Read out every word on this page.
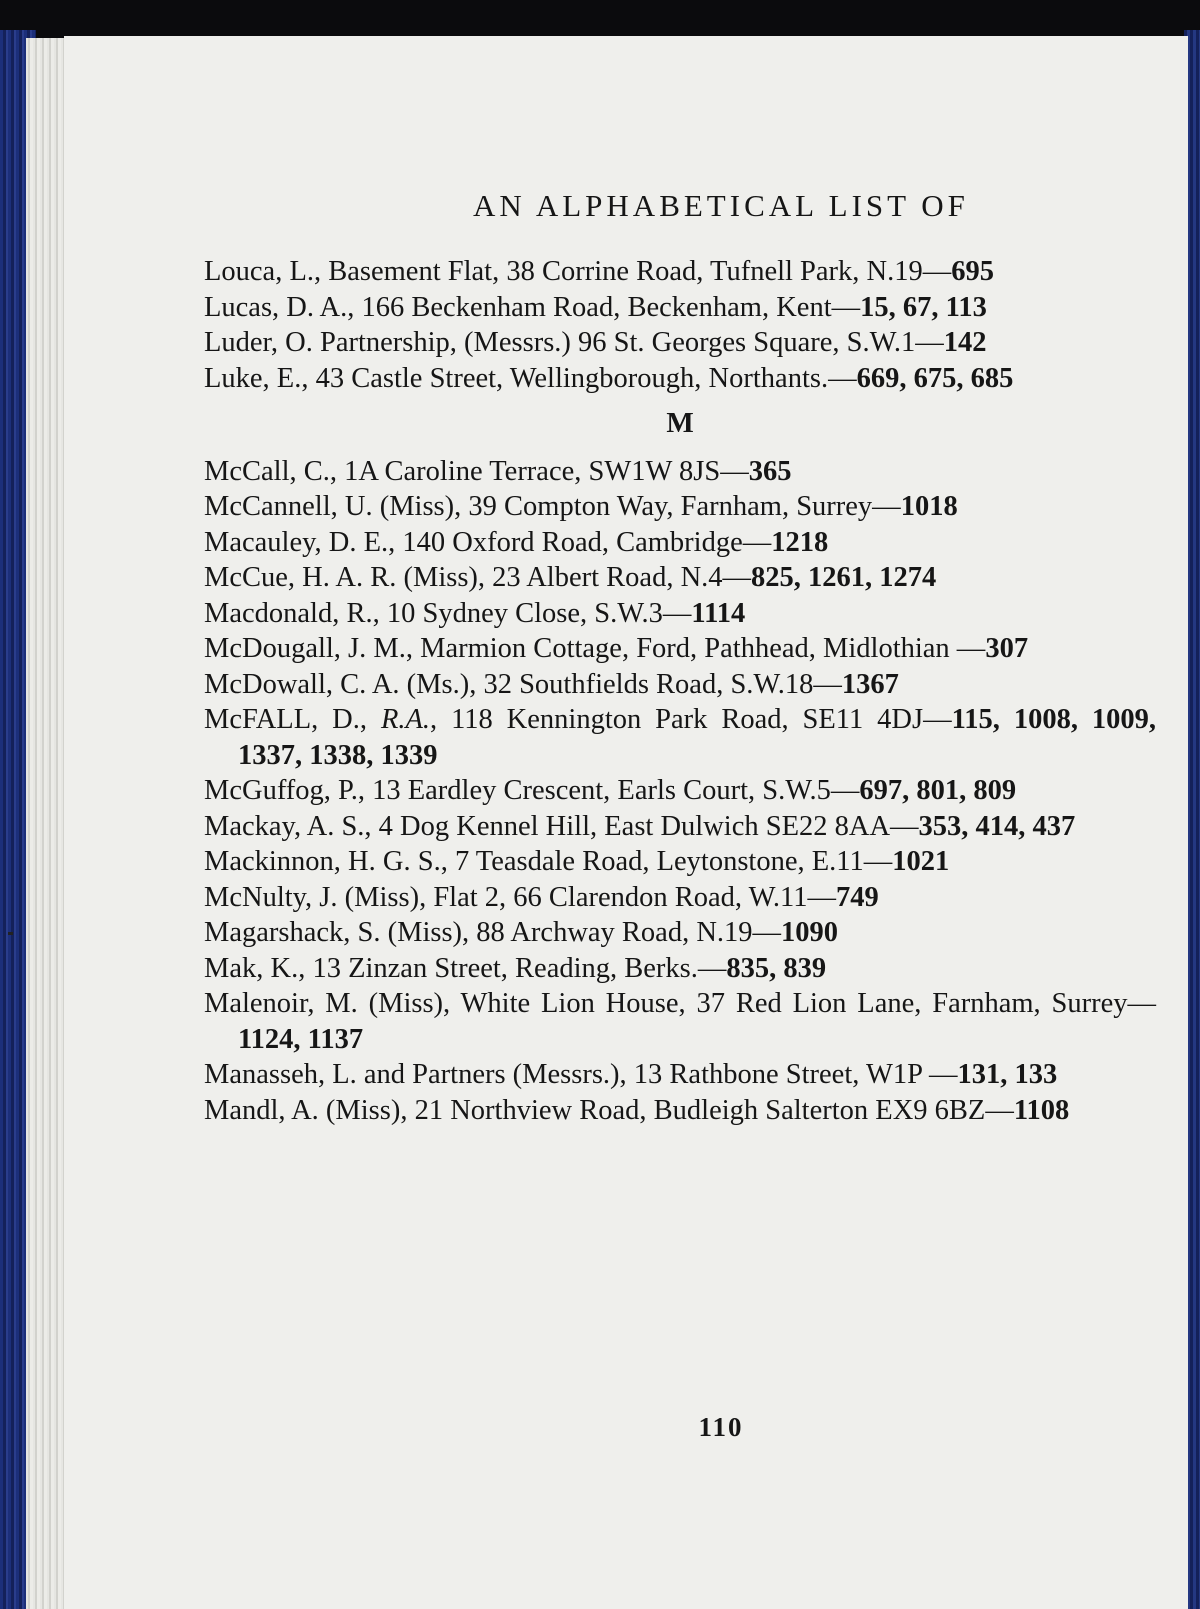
AN ALPHABETICAL LIST OF

Louca, L., Basement Flat, 38 Corrine Road, Tufnell Park, N.19—695

Lucas, D. A., 166 Beckenham Road, Beckenham, Kent—15, 67, 113

Luder, O. Partnership, (Messrs.) 96 St. Georges Square, S.W.1—142

Luke, E., 43 Castle Street, Wellingborough, Northants.—669, 675, 685

M

McCall, C., 1A Caroline Terrace, SW1W 8JS—365

McCannell, U. (Miss), 39 Compton Way, Farnham, Surrey—1018

Macauley, D. E., 140 Oxford Road, Cambridge—1218

McCue, H. A. R. (Miss), 23 Albert Road, N.4—825, 1261, 1274

Macdonald, R., 10 Sydney Close, S.W.3—1114

McDougall, J. M., Marmion Cottage, Ford, Pathhead, Midlothian —307

McDowall, C. A. (Ms.), 32 Southfields Road, S.W.18—1367

McFALL, D., R.A., 118 Kennington Park Road, SE11 4DJ—115, 1008, 1009, 1337, 1338, 1339

McGuffog, P., 13 Eardley Crescent, Earls Court, S.W.5—697, 801, 809

Mackay, A. S., 4 Dog Kennel Hill, East Dulwich SE22 8AA—353, 414, 437

Mackinnon, H. G. S., 7 Teasdale Road, Leytonstone, E.11—1021

McNulty, J. (Miss), Flat 2, 66 Clarendon Road, W.11—749

Magarshack, S. (Miss), 88 Archway Road, N.19—1090

Mak, K., 13 Zinzan Street, Reading, Berks.—835, 839

Malenoir, M. (Miss), White Lion House, 37 Red Lion Lane, Farnham, Surrey—1124, 1137

Manasseh, L. and Partners (Messrs.), 13 Rathbone Street, W1P —131, 133

Mandl, A. (Miss), 21 Northview Road, Budleigh Salterton EX9 6BZ—1108

110
